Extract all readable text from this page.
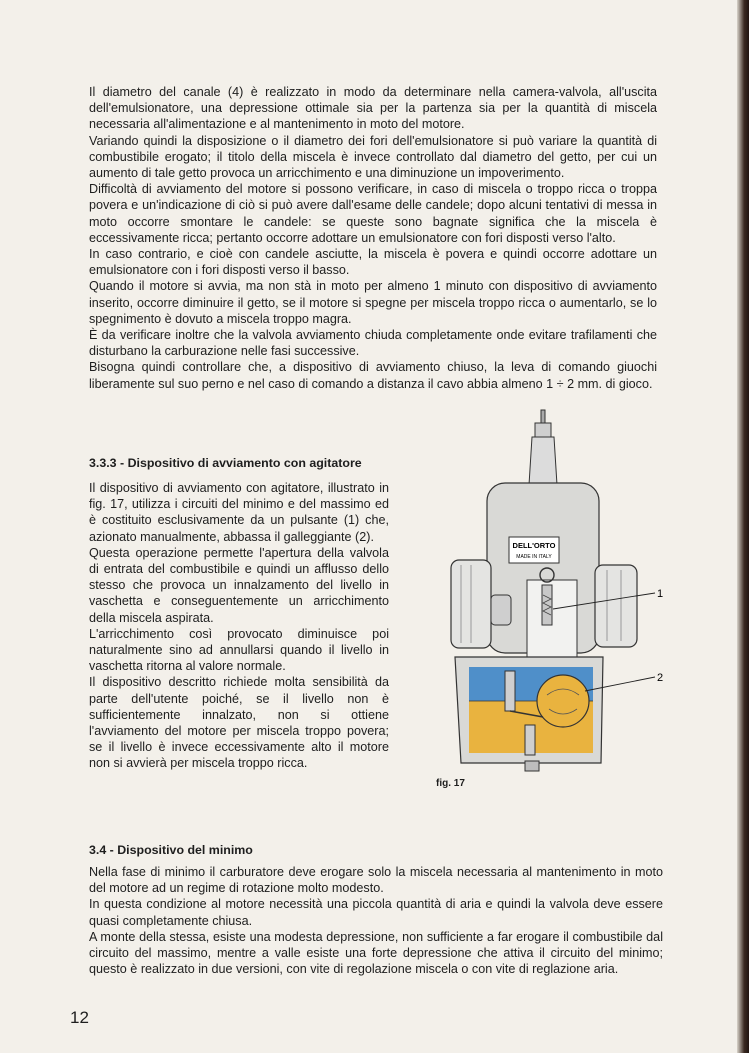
Il diametro del canale (4) è realizzato in modo da determinare nella camera-valvola, all'uscita dell'emulsionatore, una depressione ottimale sia per la partenza sia per la quantità di miscela necessaria all'alimentazione e al mantenimento in moto del motore.

Variando quindi la disposizione o il diametro dei fori dell'emulsionatore si può variare la quantità di combustibile erogato; il titolo della miscela è invece controllato dal diametro del getto, per cui un aumento di tale getto provoca un arricchimento e una diminuzione un impoverimento.

Difficoltà di avviamento del motore si possono verificare, in caso di miscela o troppo ricca o troppa povera e un'indicazione di ciò si può avere dall'esame delle candele; dopo alcuni tentativi di messa in moto occorre smontare le candele: se queste sono bagnate significa che la miscela è eccessivamente ricca; pertanto occorre adottare un emulsionatore con fori disposti verso l'alto.

In caso contrario, e cioè con candele asciutte, la miscela è povera e quindi occorre adottare un emulsionatore con i fori disposti verso il basso.

Quando il motore si avvia, ma non stà in moto per almeno 1 minuto con dispositivo di avviamento inserito, occorre diminuire il getto, se il motore si spegne per miscela troppo ricca o aumentarlo, se lo spegnimento è dovuto a miscela troppo magra.

È da verificare inoltre che la valvola avviamento chiuda completamente onde evitare trafilamenti che disturbano la carburazione nelle fasi successive.

Bisogna quindi controllare che, a dispositivo di avviamento chiuso, la leva di comando giuochi liberamente sul suo perno e nel caso di comando a distanza il cavo abbia almeno 1 ÷ 2 mm. di gioco.

3.3.3 - Dispositivo di avviamento con agitatore

Il dispositivo di avviamento con agitatore, illustrato in fig. 17, utilizza i circuiti del minimo e del massimo ed è costituito esclusivamente da un pulsante (1) che, azionato manualmente, abbassa il galleggiante (2).

Questa operazione permette l'apertura della valvola di entrata del combustibile e quindi un afflusso dello stesso che provoca un innalzamento del livello in vaschetta e conseguentemente un arricchimento della miscela aspirata.

L'arricchimento così provocato diminuisce poi naturalmente sino ad annullarsi quando il livello in vaschetta ritorna al valore normale.

Il dispositivo descritto richiede molta sensibilità da parte dell'utente poiché, se il livello non è sufficientemente innalzato, non si ottiene l'avviamento del motore per miscela troppo povera; se il livello è invece eccessivamente alto il motore non si avvierà per miscela troppo ricca.

DELL'ORTO
MADE IN ITALY
1
2
fig. 17
3.4 - Dispositivo del minimo

Nella fase di minimo il carburatore deve erogare solo la miscela necessaria al mantenimento in moto del motore ad un regime di rotazione molto modesto.

In questa condizione al motore necessità una piccola quantità di aria e quindi la valvola deve essere quasi completamente chiusa.

A monte della stessa, esiste una modesta depressione, non sufficiente a far erogare il combustibile dal circuito del massimo, mentre a valle esiste una forte depressione che attiva il circuito del minimo; questo è realizzato in due versioni, con vite di regolazione miscela o con vite di reglazione aria.

12
